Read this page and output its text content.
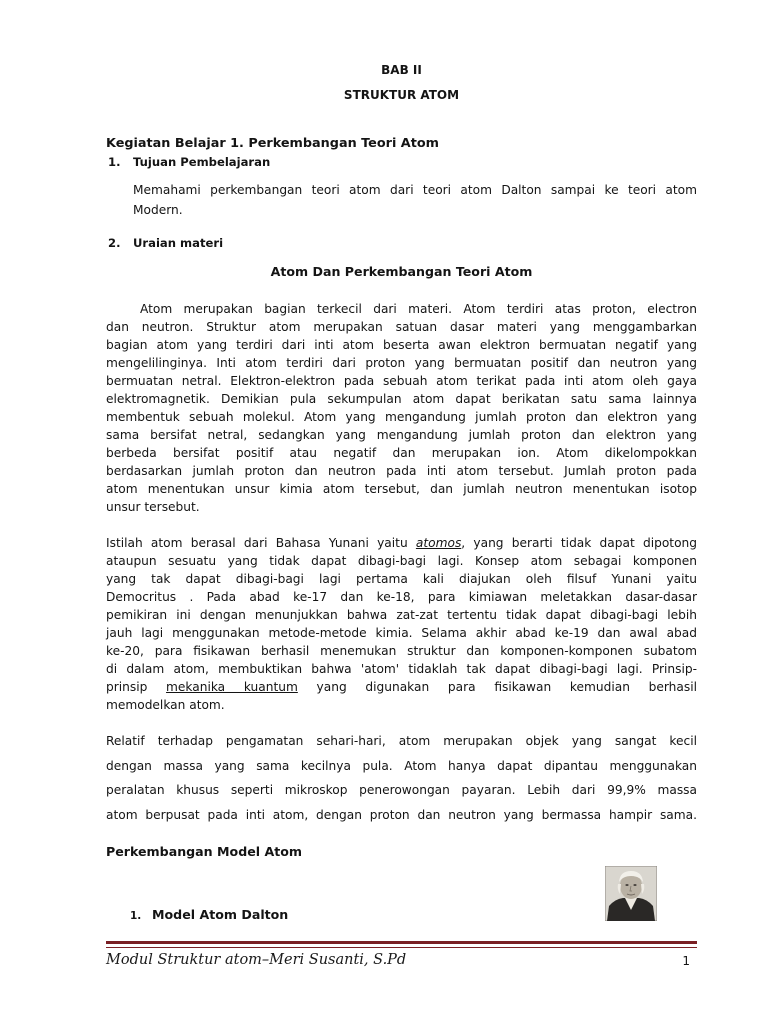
BAB II
STRUKTUR ATOM
Kegiatan Belajar 1. Perkembangan Teori Atom
1. Tujuan Pembelajaran
Memahami perkembangan teori atom dari teori atom Dalton sampai ke teori atom
Modern.
2. Uraian materi
Atom Dan Perkembangan Teori Atom
Atom merupakan bagian terkecil dari materi. Atom terdiri atas proton, electron
dan neutron. Struktur atom merupakan satuan dasar materi yang menggambarkan
bagian atom yang terdiri dari inti atom beserta awan elektron bermuatan negatif yang
mengelilinginya. Inti atom terdiri dari proton yang bermuatan positif dan neutron yang
bermuatan netral. Elektron-elektron pada sebuah atom terikat pada inti atom oleh gaya
elektromagnetik. Demikian pula sekumpulan atom dapat berikatan satu sama lainnya
membentuk sebuah molekul. Atom yang mengandung jumlah proton dan elektron yang
sama bersifat netral, sedangkan yang mengandung jumlah proton dan elektron yang
berbeda bersifat positif atau negatif dan merupakan ion. Atom dikelompokkan
berdasarkan jumlah proton dan neutron pada inti atom tersebut. Jumlah proton pada
atom menentukan unsur kimia atom tersebut, dan jumlah neutron menentukan isotop
unsur tersebut.
Istilah atom berasal dari Bahasa Yunani yaitu atomos, yang berarti tidak dapat dipotong
ataupun sesuatu yang tidak dapat dibagi-bagi lagi. Konsep atom sebagai komponen
yang tak dapat dibagi-bagi lagi pertama kali diajukan oleh filsuf Yunani yaitu
Democritus . Pada abad ke-17 dan ke-18, para kimiawan meletakkan dasar-dasar
pemikiran ini dengan menunjukkan bahwa zat-zat tertentu tidak dapat dibagi-bagi lebih
jauh lagi menggunakan metode-metode kimia. Selama akhir abad ke-19 dan awal abad
ke-20, para fisikawan berhasil menemukan struktur dan komponen-komponen subatom
di dalam atom, membuktikan bahwa 'atom' tidaklah tak dapat dibagi-bagi lagi. Prinsip-
prinsip mekanika kuantum yang digunakan para fisikawan kemudian berhasil
memodelkan atom.
Relatif terhadap pengamatan sehari-hari, atom merupakan objek yang sangat kecil
dengan massa yang sama kecilnya pula. Atom hanya dapat dipantau menggunakan
peralatan khusus seperti mikroskop penerowongan payaran. Lebih dari 99,9% massa
atom berpusat pada inti atom, dengan proton dan neutron yang bermassa hampir sama.
Perkembangan Model Atom
1. Model Atom Dalton
Modul Struktur atom–Meri Susanti, S.Pd	1
